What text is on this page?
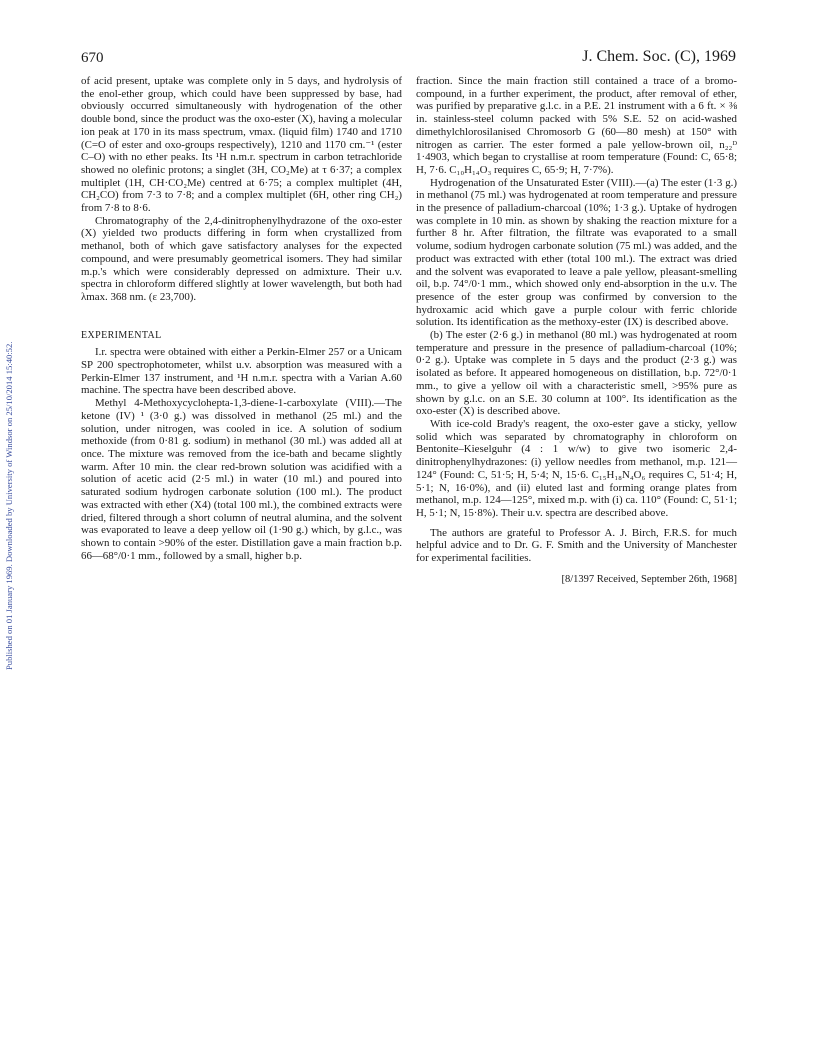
Published on 01 January 1969. Downloaded by University of Windsor on 25/10/2014 15:40:52.

670	J. Chem. Soc. (C), 1969

of acid present, uptake was complete only in 5 days, and hydrolysis of the enol-ether group, which could have been suppressed by base, had obviously occurred simultaneously with hydrogenation of the other double bond, since the product was the oxo-ester (X), having a molecular ion peak at 170 in its mass spectrum, νmax. (liquid film) 1740 and 1710 (C=O of ester and oxo-groups respectively), 1210 and 1170 cm.⁻¹ (ester C–O) with no ether peaks. Its ¹H n.m.r. spectrum in carbon tetrachloride showed no olefinic protons; a singlet (3H, CO₂Me) at τ 6·37; a complex multiplet (1H, CH·CO₂Me) centred at 6·75; a complex multiplet (4H, CH₂CO) from 7·3 to 7·8; and a complex multiplet (6H, other ring CH₂) from 7·8 to 8·6.

Chromatography of the 2,4-dinitrophenylhydrazone of the oxo-ester (X) yielded two products differing in form when crystallized from methanol, both of which gave satisfactory analyses for the expected compound, and were presumably geometrical isomers. They had similar m.p.'s which were considerably depressed on admixture. Their u.v. spectra in chloroform differed slightly at lower wavelength, but both had λmax. 368 nm. (ε 23,700).

EXPERIMENTAL

I.r. spectra were obtained with either a Perkin-Elmer 257 or a Unicam SP 200 spectrophotometer, whilst u.v. absorption was measured with a Perkin-Elmer 137 instrument, and ¹H n.m.r. spectra with a Varian A.60 machine. The spectra have been described above.

Methyl 4-Methoxycyclohepta-1,3-diene-1-carboxylate (VIII).—The ketone (IV) ¹ (3·0 g.) was dissolved in methanol (25 ml.) and the solution, under nitrogen, was cooled in ice. A solution of sodium methoxide (from 0·81 g. sodium) in methanol (30 ml.) was added all at once. The mixture was removed from the ice-bath and became slightly warm. After 10 min. the clear red-brown solution was acidified with a solution of acetic acid (2·5 ml.) in water (10 ml.) and poured into saturated sodium hydrogen carbonate solution (100 ml.). The product was extracted with ether (X4) (total 100 ml.), the combined extracts were dried, filtered through a short column of neutral alumina, and the solvent was evaporated to leave a deep yellow oil (1·90 g.) which, by g.l.c., was shown to contain >90% of the ester. Distillation gave a main fraction b.p. 66—68°/0·1 mm., followed by a small, higher b.p.

fraction. Since the main fraction still contained a trace of a bromo-compound, in a further experiment, the product, after removal of ether, was purified by preparative g.l.c. in a P.E. 21 instrument with a 6 ft. × ⅜ in. stainless-steel column packed with 5% S.E. 52 on acid-washed dimethylchlorosilanised Chromosorb G (60—80 mesh) at 150° with nitrogen as carrier. The ester formed a pale yellow-brown oil, n₂₂ᴰ 1·4903, which began to crystallise at room temperature (Found: C, 65·8; H, 7·6. C₁₀H₁₄O₃ requires C, 65·9; H, 7·7%).

Hydrogenation of the Unsaturated Ester (VIII).—(a) The ester (1·3 g.) in methanol (75 ml.) was hydrogenated at room temperature and pressure in the presence of palladium-charcoal (10%; 1·3 g.). Uptake of hydrogen was complete in 10 min. as shown by shaking the reaction mixture for a further 8 hr. After filtration, the filtrate was evaporated to a small volume, sodium hydrogen carbonate solution (75 ml.) was added, and the product was extracted with ether (total 100 ml.). The extract was dried and the solvent was evaporated to leave a pale yellow, pleasant-smelling oil, b.p. 74°/0·1 mm., which showed only end-absorption in the u.v. The presence of the ester group was confirmed by conversion to the hydroxamic acid which gave a purple colour with ferric chloride solution. Its identification as the methoxy-ester (IX) is described above.

(b) The ester (2·6 g.) in methanol (80 ml.) was hydrogenated at room temperature and pressure in the presence of palladium-charcoal (10%; 0·2 g.). Uptake was complete in 5 days and the product (2·3 g.) was isolated as before. It appeared homogeneous on distillation, b.p. 72°/0·1 mm., to give a yellow oil with a characteristic smell, >95% pure as shown by g.l.c. on an S.E. 30 column at 100°. Its identification as the oxo-ester (X) is described above.

With ice-cold Brady's reagent, the oxo-ester gave a sticky, yellow solid which was separated by chromatography in chloroform on Bentonite–Kieselguhr (4 : 1 w/w) to give two isomeric 2,4-dinitrophenylhydrazones: (i) yellow needles from methanol, m.p. 121—124° (Found: C, 51·5; H, 5·4; N, 15·6. C₁₅H₁₈N₄O₆ requires C, 51·4; H, 5·1; N, 16·0%), and (ii) eluted last and forming orange plates from methanol, m.p. 124—125°, mixed m.p. with (i) ca. 110° (Found: C, 51·1; H, 5·1; N, 15·8%). Their u.v. spectra are described above.

The authors are grateful to Professor A. J. Birch, F.R.S. for much helpful advice and to Dr. G. F. Smith and the University of Manchester for experimental facilities.

[8/1397 Received, September 26th, 1968]
